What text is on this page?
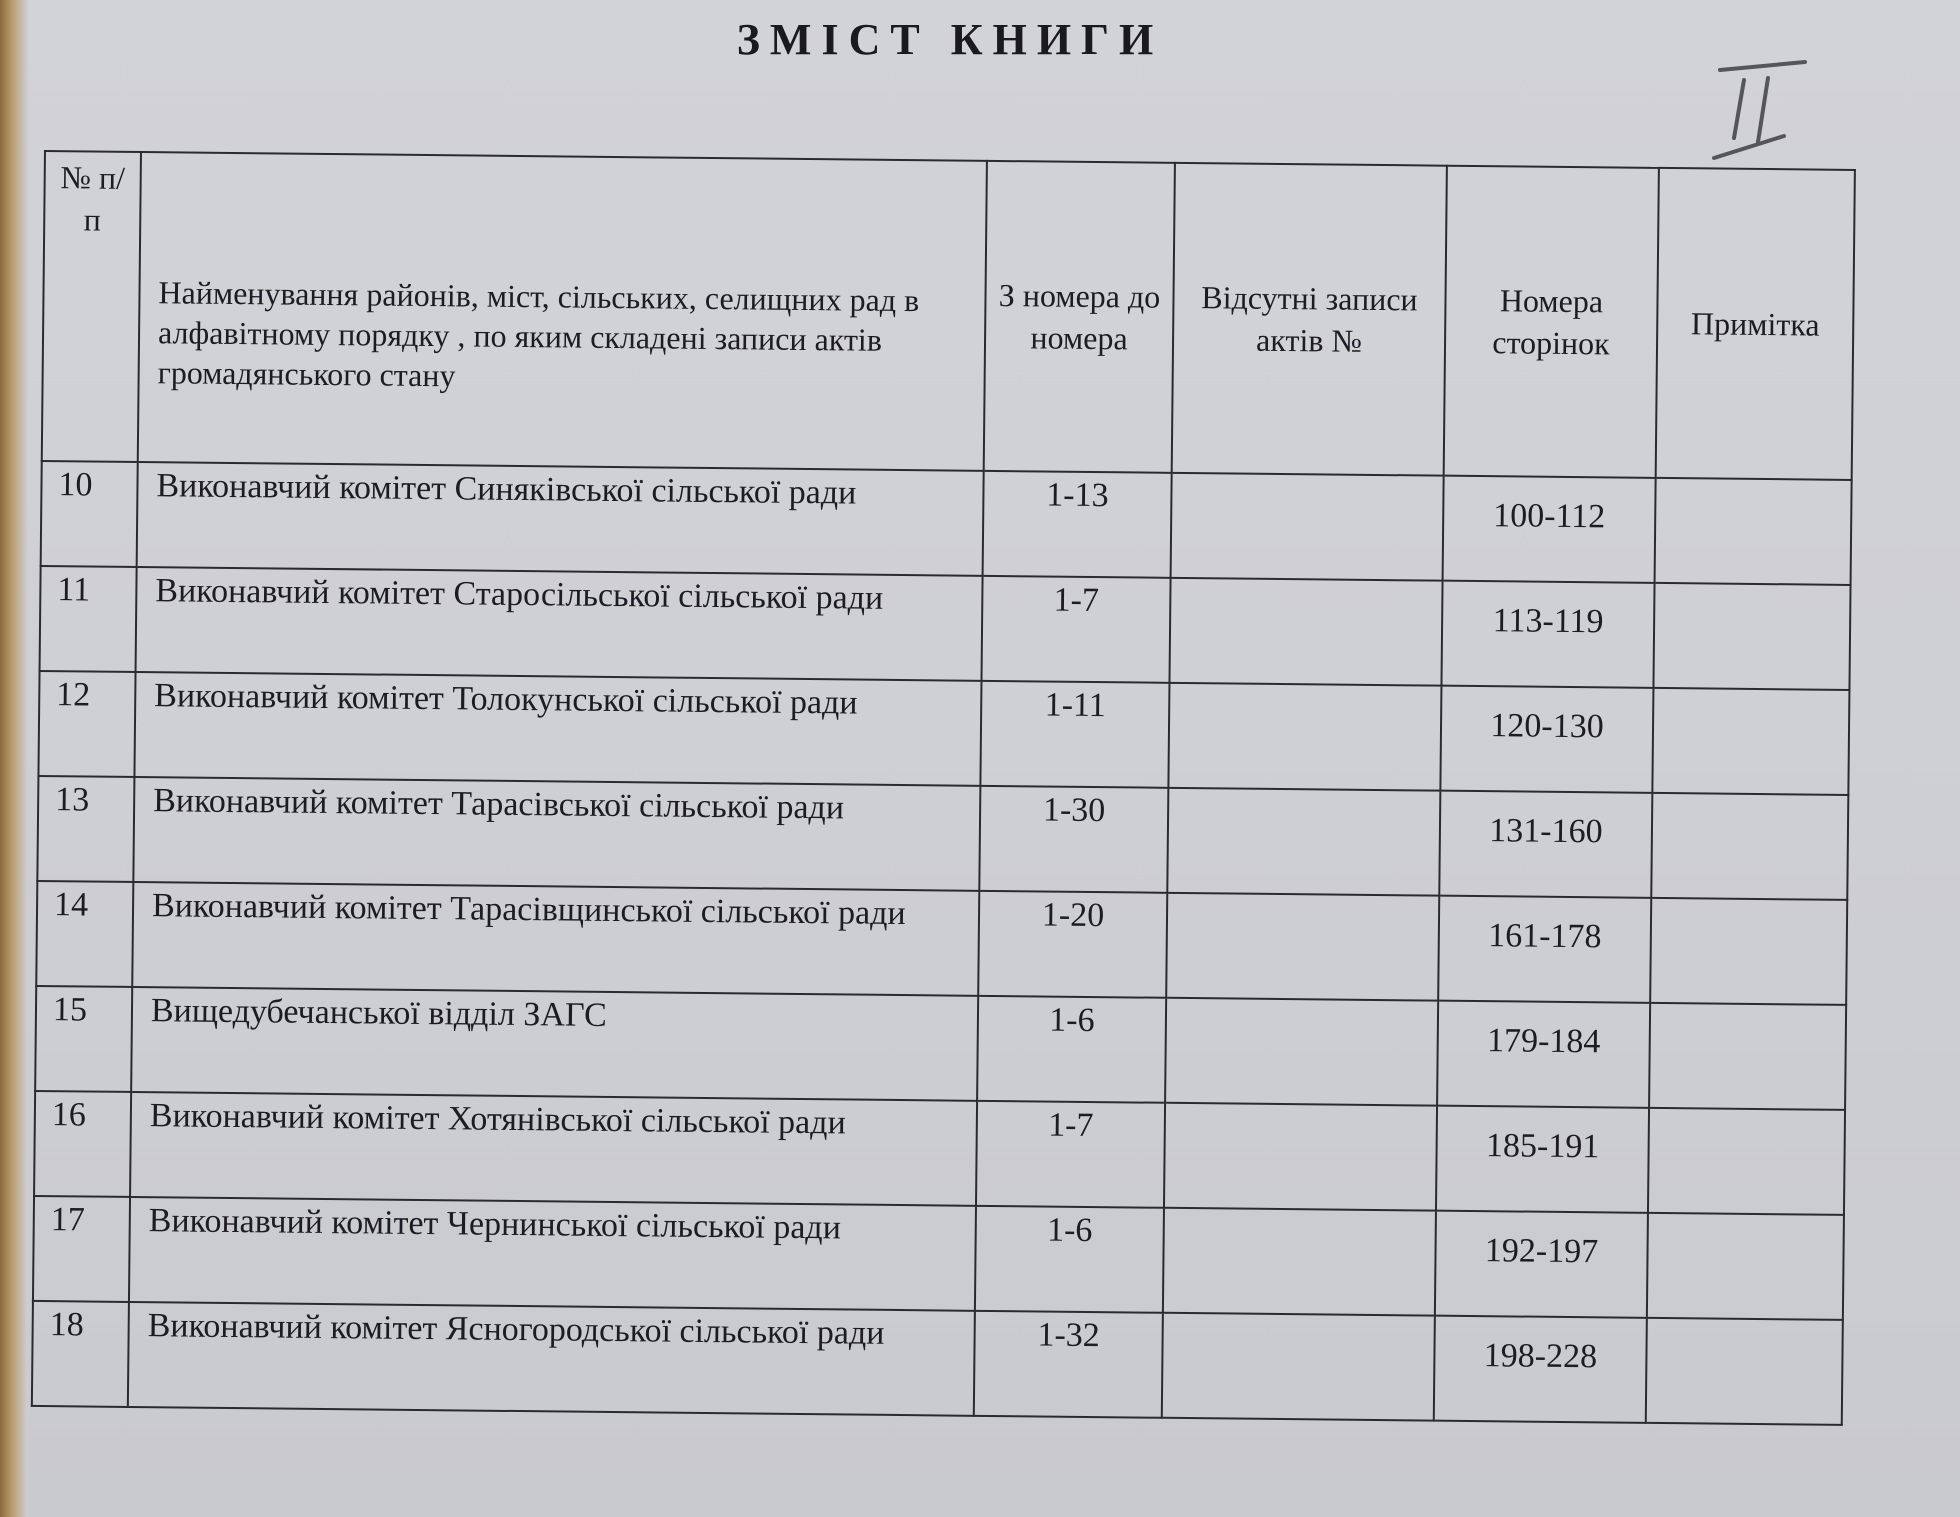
ЗМІСТ КНИГИ
№ п/п	Найменування районів, міст, сільських, селищних рад в алфавітному порядку , по яким складені записи актів громадянського стану	З номера до номера	Відсутні записи актів №	Номера сторінок	Примітка
10	Виконавчий комітет Синяківської сільської ради	1-13		100-112	
11	Виконавчий комітет Старосільської сільської ради	1-7		113-119	
12	Виконавчий комітет Толокунської сільської ради	1-11		120-130	
13	Виконавчий комітет Тарасівської сільської ради	1-30		131-160	
14	Виконавчий комітет Тарасівщинської сільської ради	1-20		161-178	
15	Вищедубечанської відділ ЗАГС	1-6		179-184	
16	Виконавчий комітет Хотянівської сільської ради	1-7		185-191	
17	Виконавчий комітет Чернинської сільської ради	1-6		192-197	
18	Виконавчий комітет Ясногородської сільської ради	1-32		198-228	
